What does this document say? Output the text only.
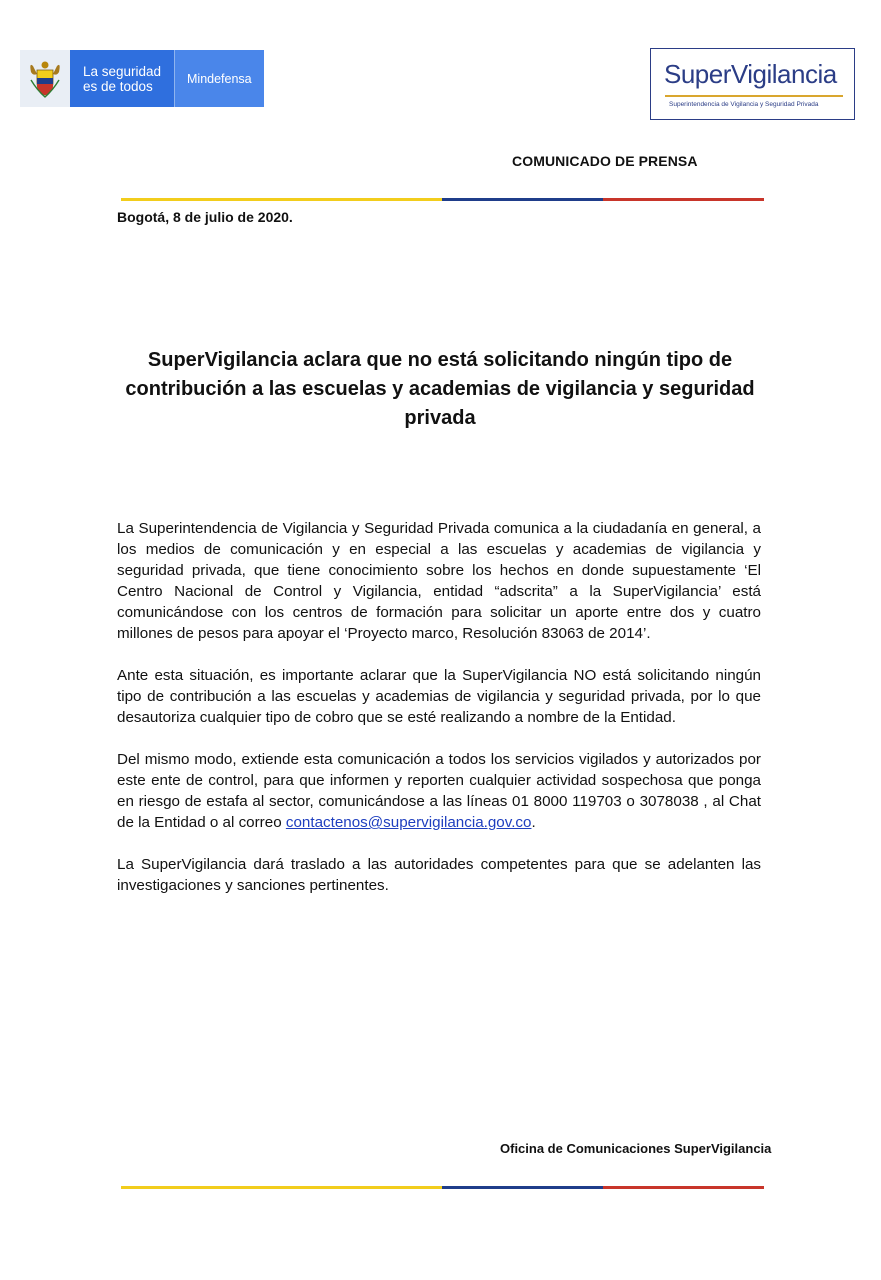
La seguridad
es de todos	Mindefensa	SuperVigilancia
Superintendencia de Vigilancia y Seguridad Privada
COMUNICADO DE PRENSA
Bogotá, 8 de julio de 2020.
SuperVigilancia aclara que no está solicitando ningún tipo de contribución a las escuelas y academias de vigilancia y seguridad privada

La Superintendencia de Vigilancia y Seguridad Privada comunica a la ciudadanía en general, a los medios de comunicación y en especial a las escuelas y academias de vigilancia y seguridad privada, que tiene conocimiento sobre los hechos en donde supuestamente ‘El Centro Nacional de Control y Vigilancia, entidad “adscrita” a la SuperVigilancia’ está comunicándose con los centros de formación para solicitar un aporte entre dos y cuatro millones de pesos para apoyar el ‘Proyecto marco, Resolución 83063 de 2014’.

Ante esta situación, es importante aclarar que la SuperVigilancia NO está solicitando ningún tipo de contribución a las escuelas y academias de vigilancia y seguridad privada, por lo que desautoriza cualquier tipo de cobro que se esté realizando a nombre de la Entidad.

Del mismo modo, extiende esta comunicación a todos los servicios vigilados y autorizados por este ente de control, para que informen y reporten cualquier actividad sospechosa que ponga en riesgo de estafa al sector, comunicándose a las líneas 01 8000 119703 o 3078038 , al Chat de la Entidad o al correo contactenos@supervigilancia.gov.co.

La SuperVigilancia dará traslado a las autoridades competentes para que se adelanten las investigaciones y sanciones pertinentes.

Oficina de Comunicaciones SuperVigilancia
